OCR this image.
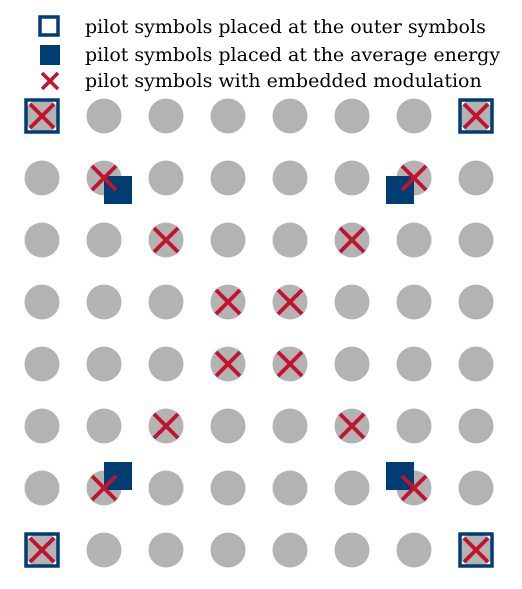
pilot symbols placed at the outer symbols
pilot symbols placed at the average energy
pilot symbols with embedded modulation
